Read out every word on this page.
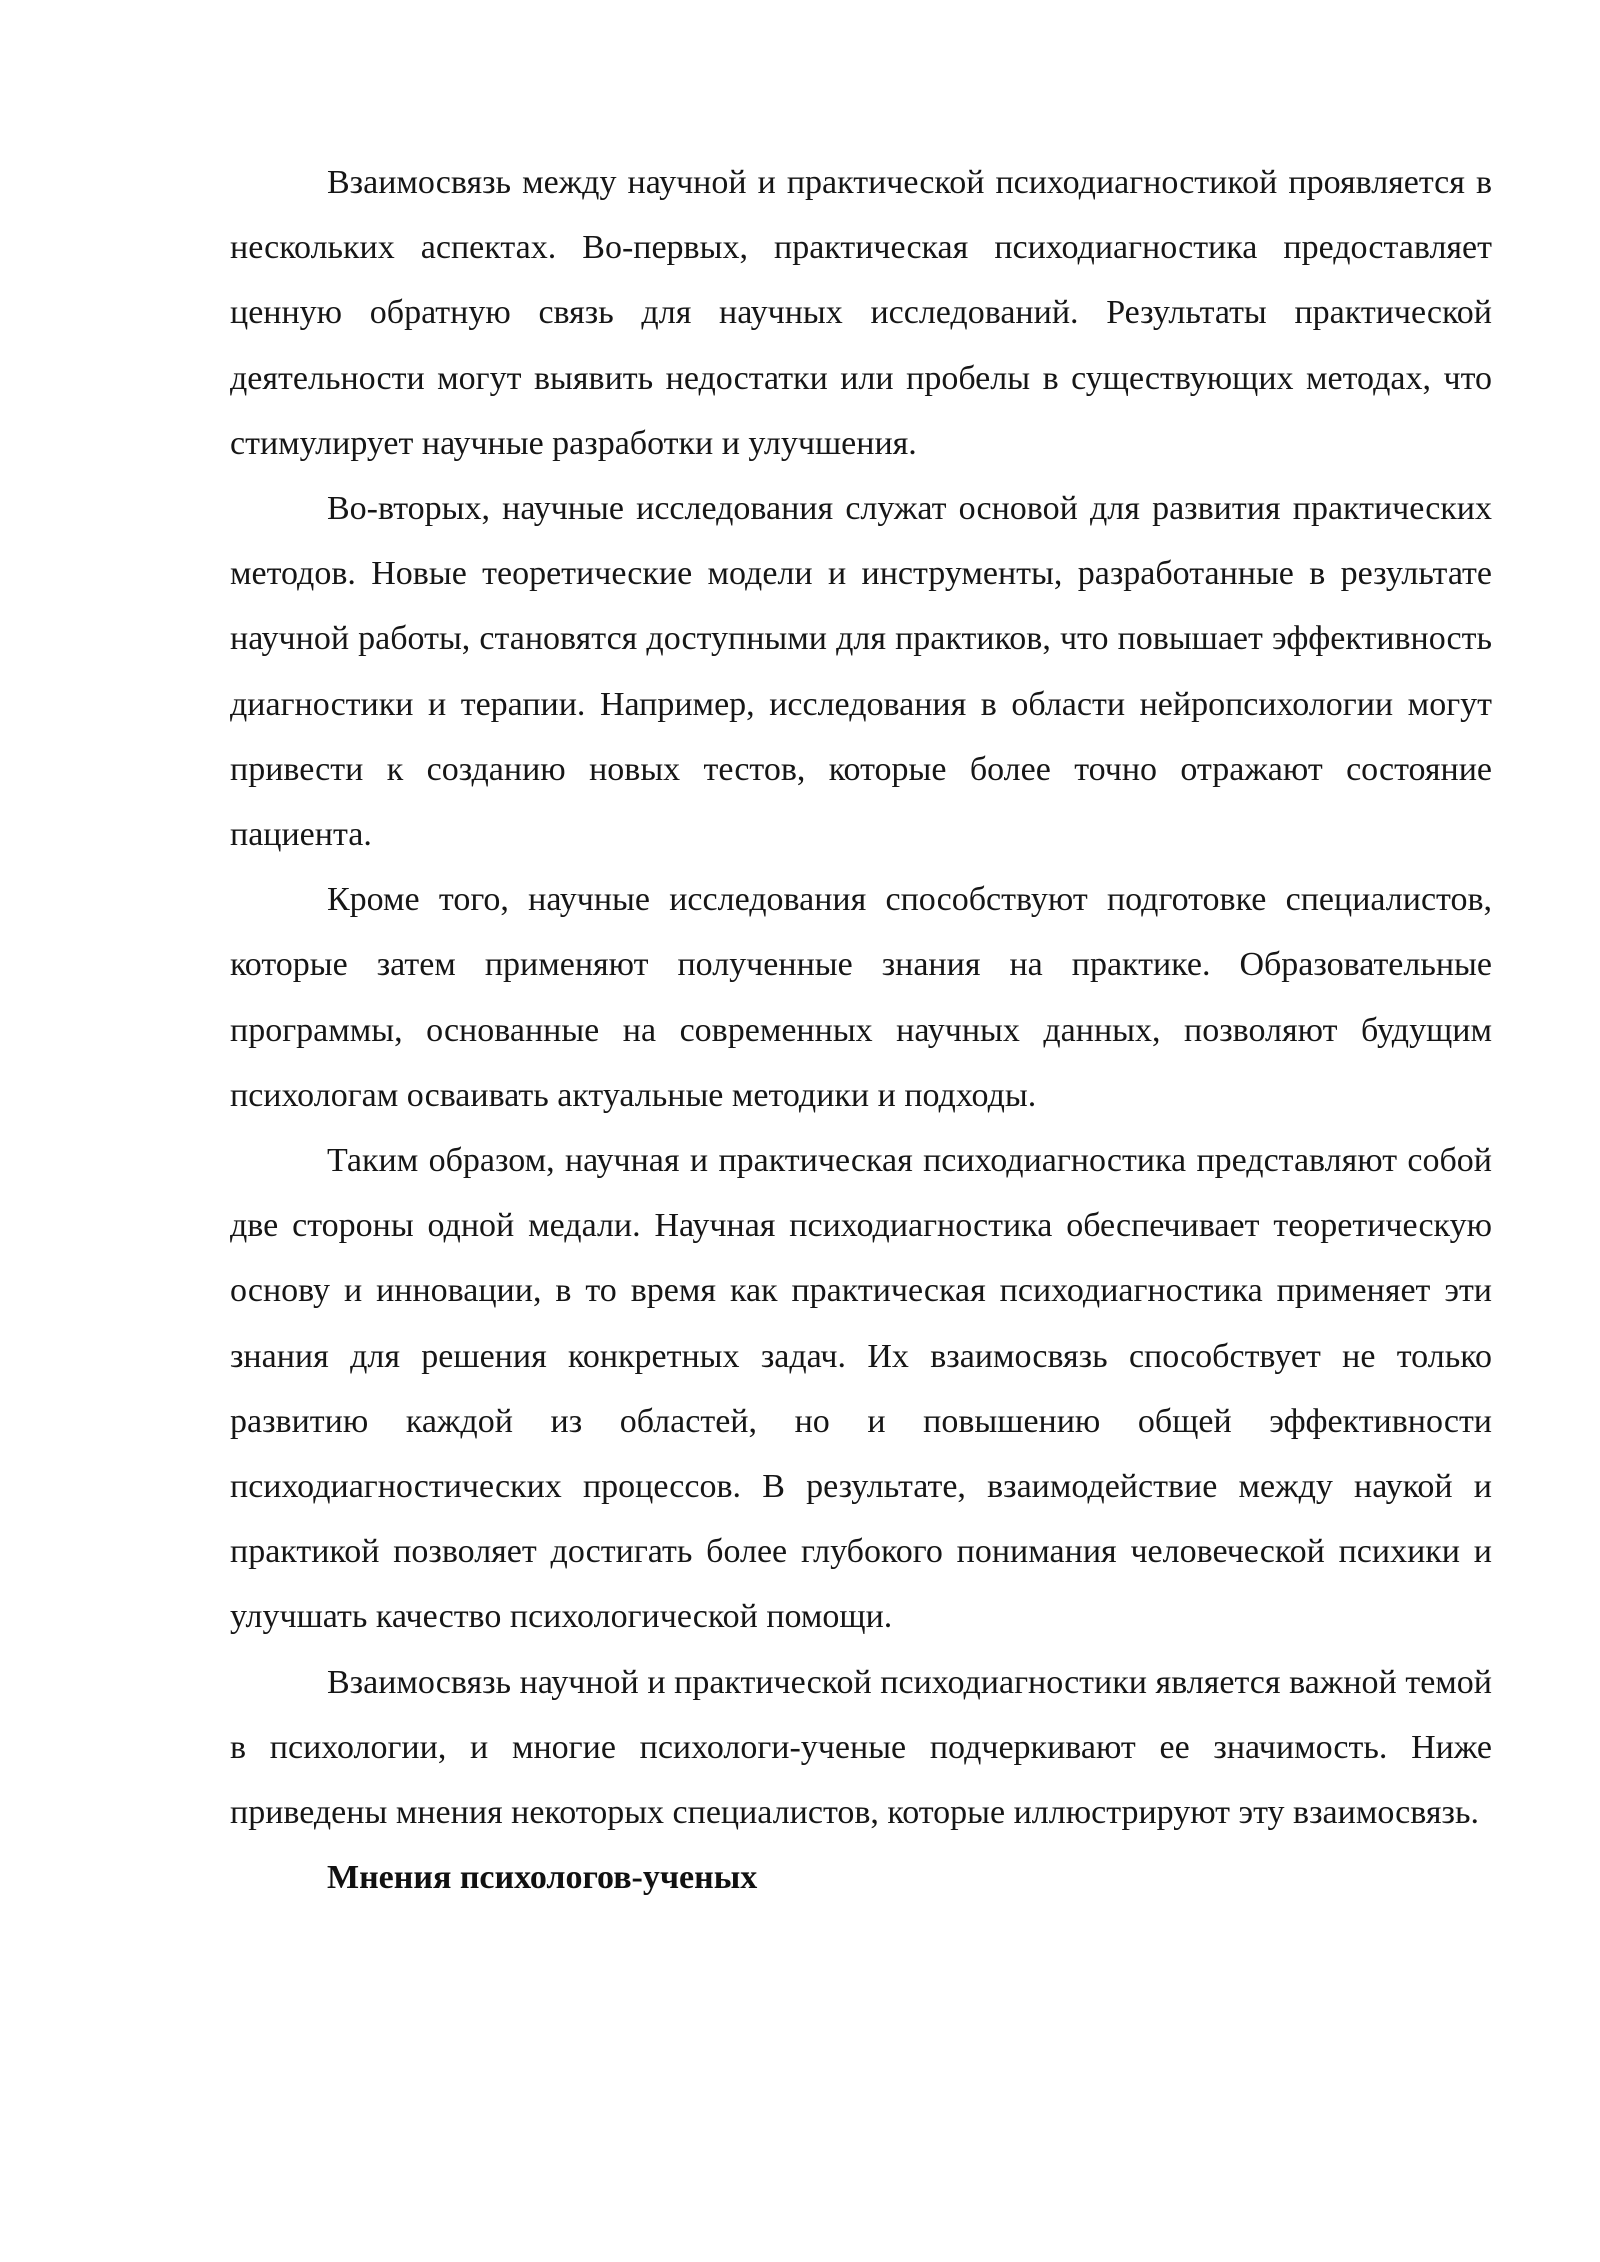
Взаимосвязь между научной и практической психодиагностикой проявляется в нескольких аспектах. Во-первых, практическая психодиагностика предоставляет ценную обратную связь для научных исследований. Результаты практической деятельности могут выявить недостатки или пробелы в существующих методах, что стимулирует научные разработки и улучшения.

Во-вторых, научные исследования служат основой для развития практических методов. Новые теоретические модели и инструменты, разработанные в результате научной работы, становятся доступными для практиков, что повышает эффективность диагностики и терапии. Например, исследования в области нейропсихологии могут привести к созданию новых тестов, которые более точно отражают состояние пациента.

Кроме того, научные исследования способствуют подготовке специалистов, которые затем применяют полученные знания на практике. Образовательные программы, основанные на современных научных данных, позволяют будущим психологам осваивать актуальные методики и подходы.

Таким образом, научная и практическая психодиагностика представляют собой две стороны одной медали. Научная психодиагностика обеспечивает теоретическую основу и инновации, в то время как практическая психодиагностика применяет эти знания для решения конкретных задач. Их взаимосвязь способствует не только развитию каждой из областей, но и повышению общей эффективности психодиагностических процессов. В результате, взаимодействие между наукой и практикой позволяет достигать более глубокого понимания человеческой психики и улучшать качество психологической помощи.

Взаимосвязь научной и практической психодиагностики является важной темой в психологии, и многие психологи-ученые подчеркивают ее значимость. Ниже приведены мнения некоторых специалистов, которые иллюстрируют эту взаимосвязь.

Мнения психологов-ученых
